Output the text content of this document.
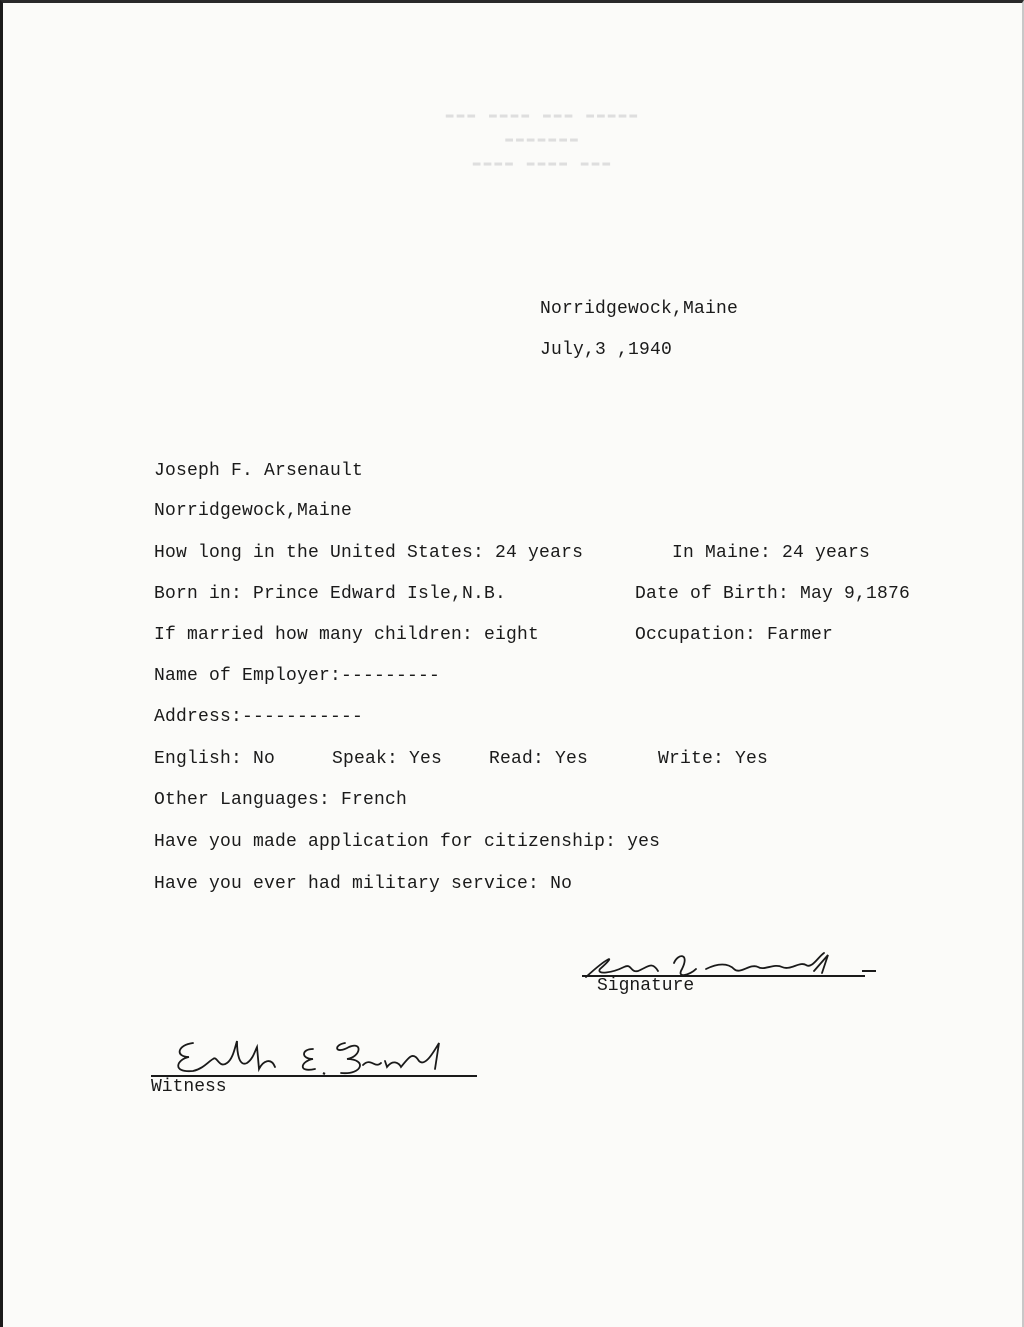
▬▬▬ ▬▬▬▬ ▬▬▬ ▬▬▬▬▬
▬▬▬▬▬▬▬
▬▬▬▬ ▬▬▬▬ ▬▬▬
Norridgewock,Maine
July,3 ,1940
Joseph F. Arsenault
Norridgewock,Maine
How long in the United States: 24 years	In Maine: 24 years
Born in: Prince Edward Isle,N.B.	Date of Birth: May 9,1876
If married how many children: eight	Occupation: Farmer
Name of Employer:---------
Address:-----------
English: No	Speak: Yes	Read: Yes	Write: Yes
Other Languages: French
Have you made application for citizenship: yes
Have you ever had military service: No
Signature
Witness
